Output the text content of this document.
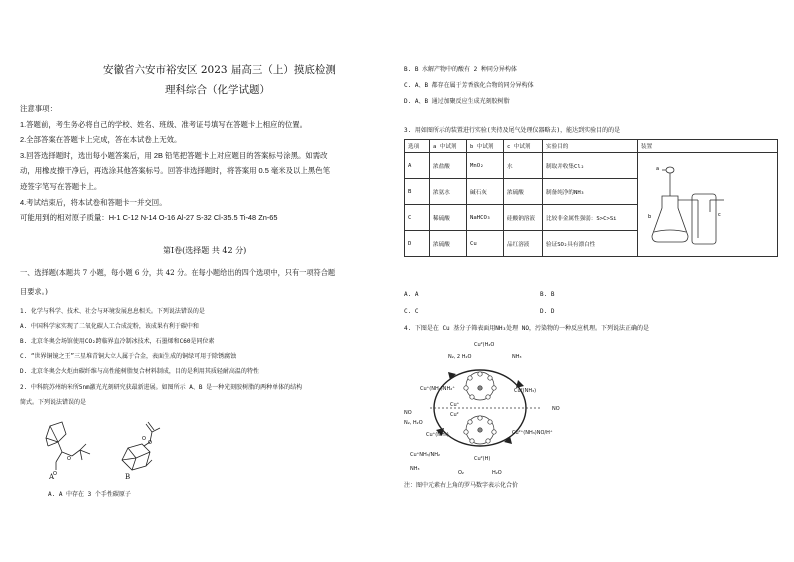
安徽省六安市裕安区 2023 届高三（上）摸底检测
理科综合（化学试题）
注意事项：
1.答题前，考生务必将自己的学校、姓名、班级、准考证号填写在答题卡上相应的位置。
2.全部答案在答题卡上完成，答在本试卷上无效。
3.回答选择题时，选出每小题答案后，用 2B 铅笔把答题卡上对应题目的答案标号涂黑。如需改
动，用橡皮擦干净后，再选涂其他答案标号。回答非选择题时，将答案用 0.5 毫米及以上黑色笔
迹签字笔写在答题卡上。
4.考试结束后，将本试卷和答题卡一并交回。
可能用到的相对原子质量：H-1 C-12 N-14 O-16 Al-27 S-32 Cl-35.5 Ti-48 Zn-65
第Ⅰ卷(选择题 共 42 分)
一、选择题(本题共 7 小题，每小题 6 分，共 42 分。在每小题给出的四个选项中，只有一项符合题
目要求。)
1. 化学与科学、技术、社会与环境发展息息相关。下列说法错误的是
A. 中国科学家实现了二氧化碳人工合成淀粉，该成果有利于碳中和
B. 北京冬奥会场馆使用CO₂跨临界直冷制冰技术，石墨烯和C60是同位素
C. “世界铜镜之王”三星堆青铜大立人属于合金，表面生成的铜绿可用于除锈腐蚀
D. 北京冬奥会火炬由碳纤维与高性能树脂复合材料制成，目的是利用其质轻耐高温的特性
2. 中科院苏州纳米所5nm激光光刻研究获最新进展。如图所示 A、B 是一种光刻胶树脂的两种单体的结构
简式。下列说法错误的是
O
O
A
O
O
B
A. A 中存在 3 个手性碳原子
B. B 水解产物中的酸有 2 种同分异构体
C. A、B 都存在属于芳香族化合物的同分异构体
D. A、B 通过加聚反应生成光刻胶树脂
3. 用如图所示的装置进行实验(夹持及尾气处理仪器略去)，能达到实验目的的是
选项	a 中试剂	b 中试剂	c 中试剂	实验目的	装置
A	浓盐酸	MnO₂	水	制取并收集Cl₂	a
b c

B	浓氨水	碱石灰	浓硫酸	制备纯净的NH₃	
C	稀硫酸	NaHCO₃	硅酸钠溶液	比较非金属性强弱：S>C>Si	
D	浓硫酸	Cu	品红溶液	验证SO₂具有漂白性	
A. A	B. B
C. C	D. D
4. 下图是在 Cu 基分子筛表面用NH₃处理 NO，污染物的一种反应机理。下列说法正确的是
Cu²(H₂O
N₂, 2 H₂O	NH₃
Cu⁺(NH₃)NH₂⁺
NO
N₂, H₂O
Cu⁺(NH₃)
Cu²(NH₃)
NO
Cu²⁺(NH₃)NO/H⁺
Cu⁺NH₃/NH₂
Cu²(H)
O₂	H₂O
NH₃
Cu⁺
Cu²
注：图中元素右上角的罗马数字表示化合价
